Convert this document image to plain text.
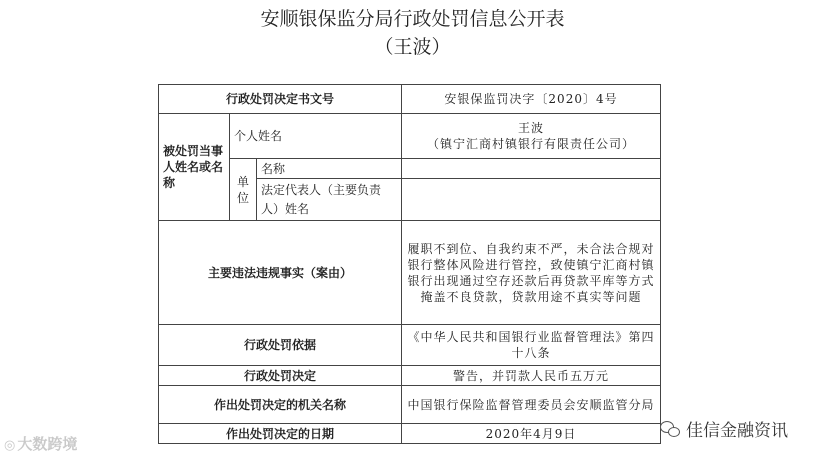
安顺银保监分局行政处罚信息公开表
（王波）
行政处罚决定书文号			安银保监罚决字〔2020〕4号
被处罚当事人姓名或名称	个人姓名		王波
（镇宁汇商村镇银行有限责任公司）

	单位	名称	
		法定代表人（主要负责人）姓名	
主要违法违规事实（案由）			履职不到位、自我约束不严，未合法合规对银行整体风险进行管控，致使镇宁汇商村镇银行出现通过空存还款后再贷款平库等方式掩盖不良贷款，贷款用途不真实等问题
行政处罚依据			《中华人民共和国银行业监督管理法》第四十八条
行政处罚决定			警告，并罚款人民币五万元
作出处罚决定的机关名称			中国银行保险监督管理委员会安顺监管分局
作出处罚决定的日期			2020年4月9日
◎ 大数跨境
佳信金融资讯
